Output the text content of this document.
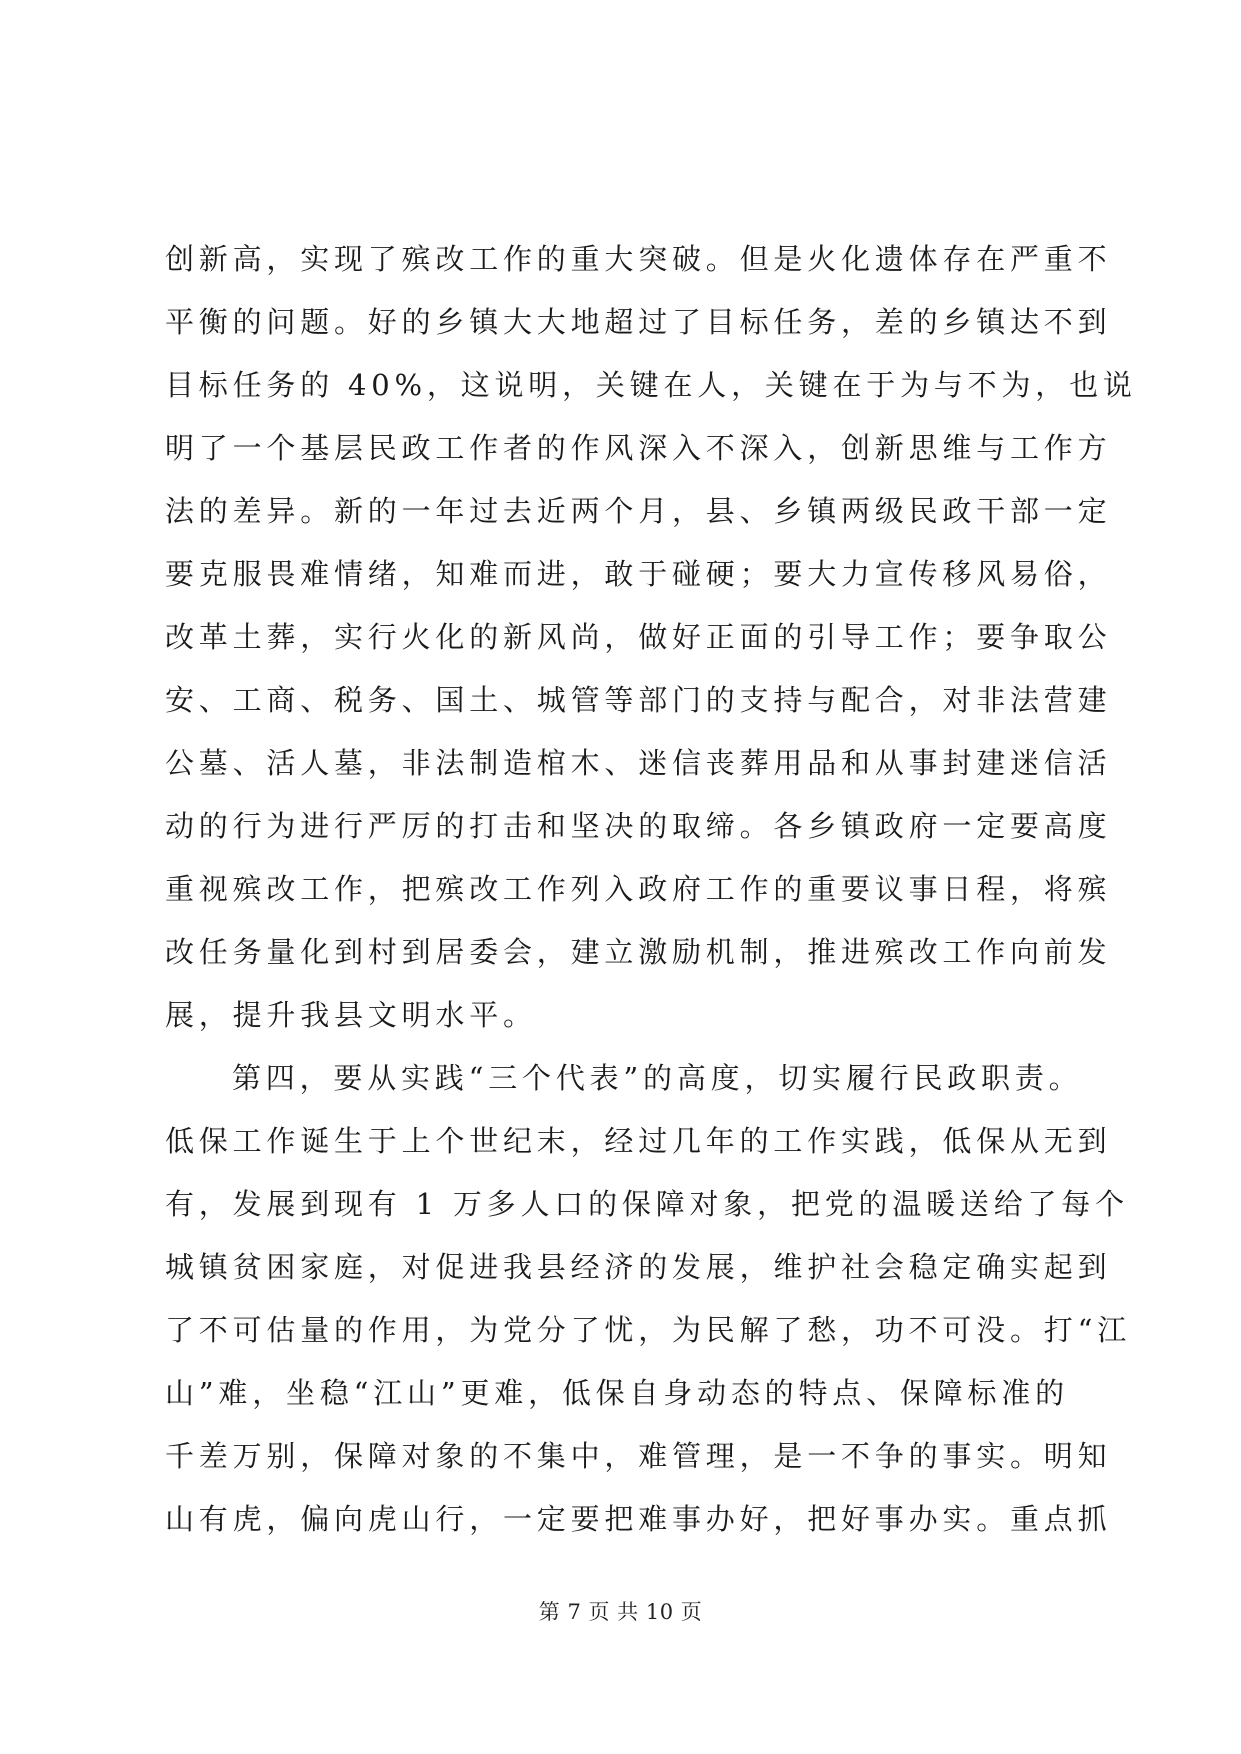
创新高，实现了殡改工作的重大突破。但是火化遗体存在严重不
平衡的问题。好的乡镇大大地超过了目标任务，差的乡镇达不到
目标任务的 40%，这说明，关键在人，关键在于为与不为，也说
明了一个基层民政工作者的作风深入不深入，创新思维与工作方
法的差异。新的一年过去近两个月，县、乡镇两级民政干部一定
要克服畏难情绪，知难而进，敢于碰硬；要大力宣传移风易俗，
改革土葬，实行火化的新风尚，做好正面的引导工作；要争取公
安、工商、税务、国土、城管等部门的支持与配合，对非法营建
公墓、活人墓，非法制造棺木、迷信丧葬用品和从事封建迷信活
动的行为进行严厉的打击和坚决的取缔。各乡镇政府一定要高度
重视殡改工作，把殡改工作列入政府工作的重要议事日程，将殡
改任务量化到村到居委会，建立激励机制，推进殡改工作向前发
展，提升我县文明水平。
第四，要从实践“三个代表”的高度，切实履行民政职责。
低保工作诞生于上个世纪末，经过几年的工作实践，低保从无到
有，发展到现有 1 万多人口的保障对象，把党的温暖送给了每个
城镇贫困家庭，对促进我县经济的发展，维护社会稳定确实起到
了不可估量的作用，为党分了忧，为民解了愁，功不可没。打“江
山”难，坐稳“江山”更难，低保自身动态的特点、保障标准的
千差万别，保障对象的不集中，难管理，是一不争的事实。明知
山有虎，偏向虎山行，一定要把难事办好，把好事办实。重点抓
第 7 页 共 10 页
